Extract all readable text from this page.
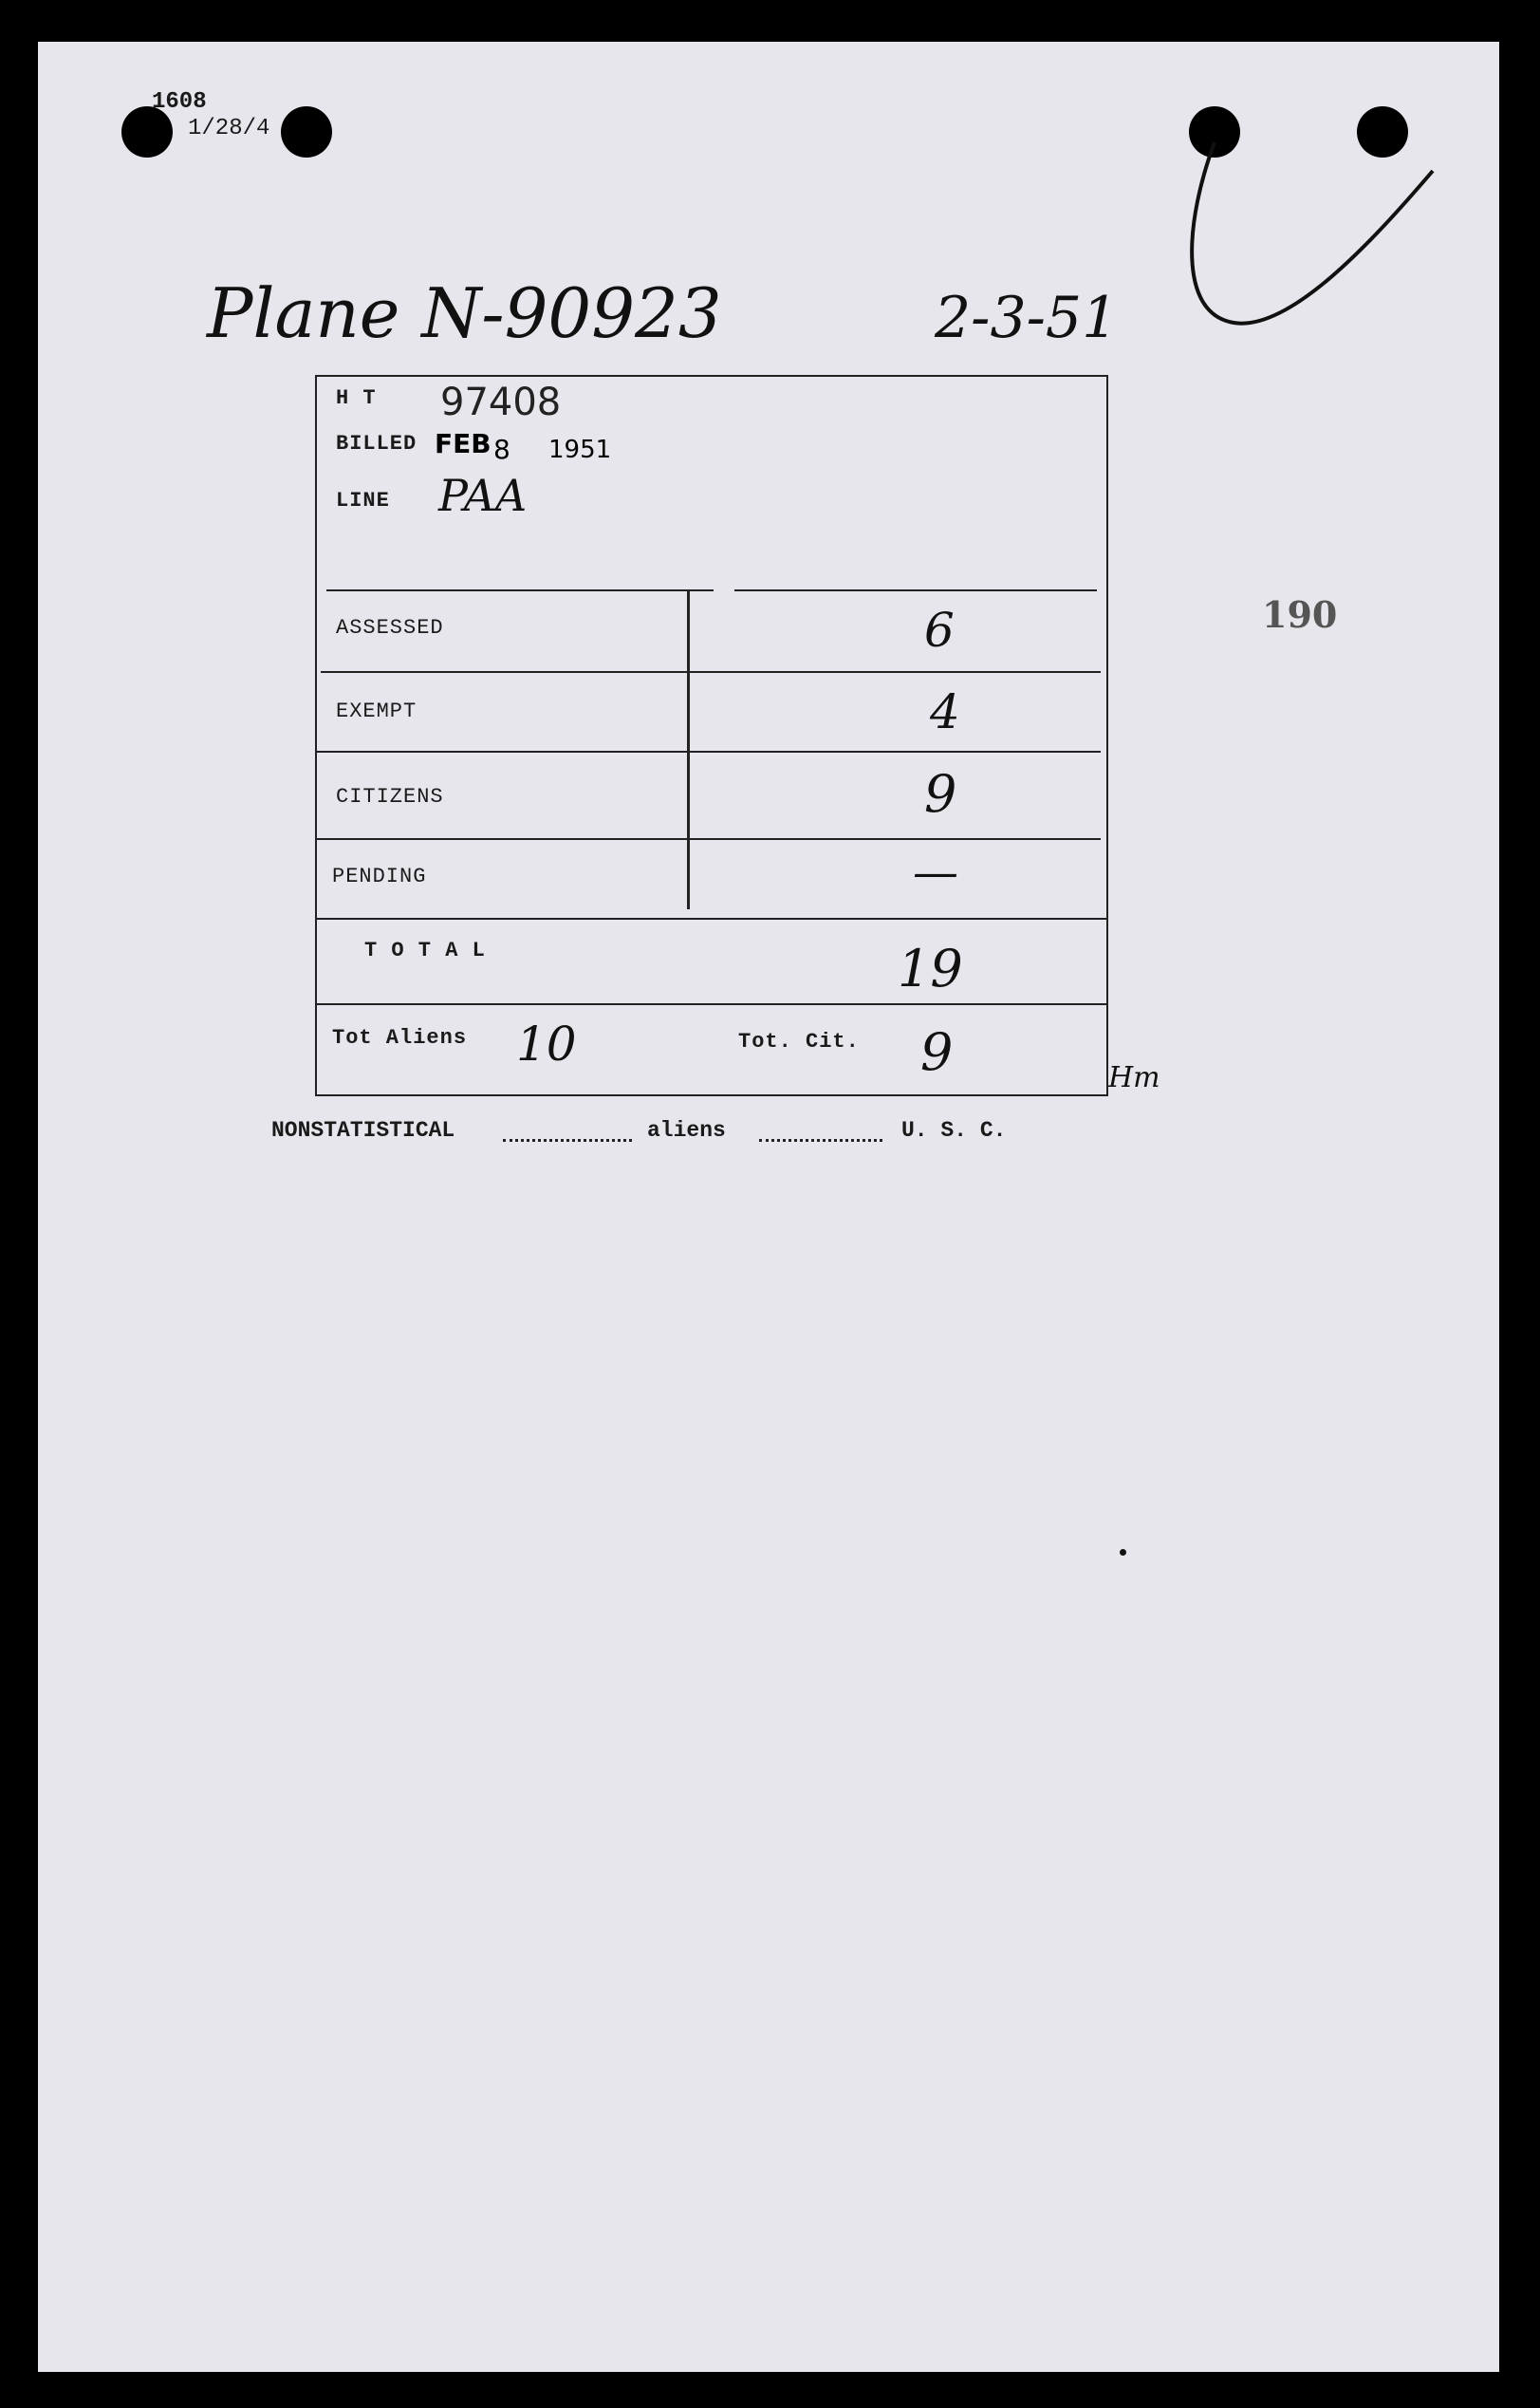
1608
1/28/4
Plane N-90923	2-3-51
190
H T 97408
BILLED FEB 8 1951
LINE PAA
ASSESSED	6
EXEMPT	4
CITIZENS	9
PENDING	—
T O T A L	19
Tot Aliens 10	Tot. Cit. 9	Hm
NONSTATISTICAL	aliens	U. S. C.
